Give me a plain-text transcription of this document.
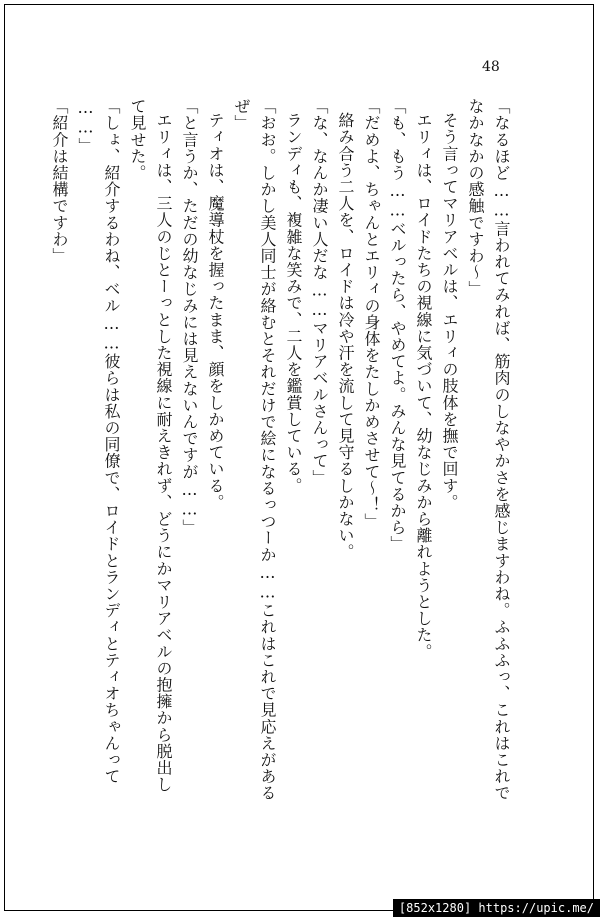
48
「なるほど……言われてみれば、筋肉のしなやかさを感じますわね。ふふふっ、これはこれで
なかなかの感触ですわ〜」
そう言ってマリアベルは、エリィの肢体を撫で回す。
エリィは、ロイドたちの視線に気づいて、幼なじみから離れようとした。
「も、もう……ベルったら、やめてよ。みんな見てるから」
「だめよ、ちゃんとエリィの身体をたしかめさせて〜！」
絡み合う二人を、ロイドは冷や汗を流して見守るしかない。
「な、なんか凄い人だな……マリアベルさんって」
ランディも、複雑な笑みで、二人を鑑賞している。
「おお。しかし美人同士が絡むとそれだけで絵になるっつーか……これはこれで見応えがある
ぜ」
ティオは、魔導杖を握ったまま、顔をしかめている。
「と言うか、ただの幼なじみには見えないんですが……」
エリィは、三人のじとーっとした視線に耐えきれず、どうにかマリアベルの抱擁から脱出し
て見せた。
「しょ、紹介するわね、ベル……彼らは私の同僚で、ロイドとランディとティオちゃんって
……」
「紹介は結構ですわ」
[852x1280] https://upic.me/
